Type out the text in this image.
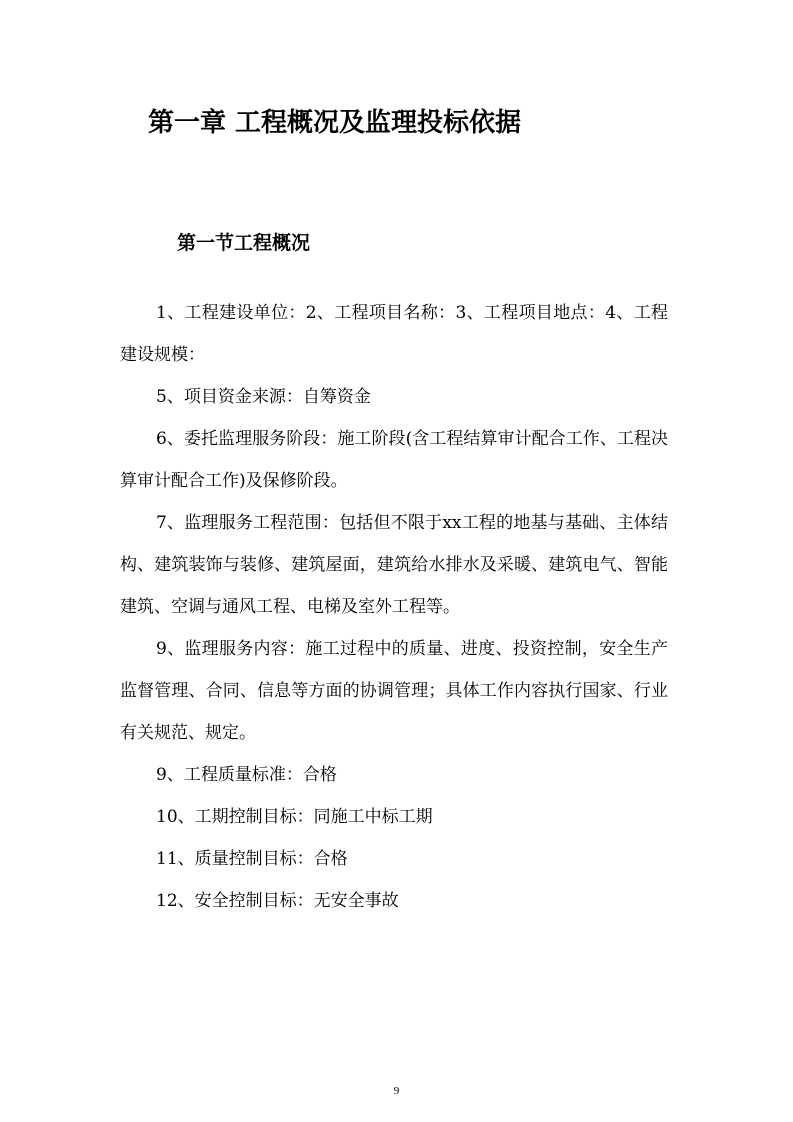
第一章 工程概况及监理投标依据
第一节工程概况

1、工程建设单位：2、工程项目名称：3、工程项目地点：4、工程建设规模：

5、项目资金来源：自筹资金

6、委托监理服务阶段：施工阶段(含工程结算审计配合工作、工程决算审计配合工作)及保修阶段。

7、监理服务工程范围：包括但不限于xx工程的地基与基础、主体结构、建筑装饰与装修、建筑屋面，建筑给水排水及采暖、建筑电气、智能建筑、空调与通风工程、电梯及室外工程等。

9、监理服务内容：施工过程中的质量、进度、投资控制，安全生产监督管理、合同、信息等方面的协调管理；具体工作内容执行国家、行业有关规范、规定。

9、工程质量标准：合格

10、工期控制目标：同施工中标工期

11、质量控制目标：合格

12、安全控制目标：无安全事故

9
